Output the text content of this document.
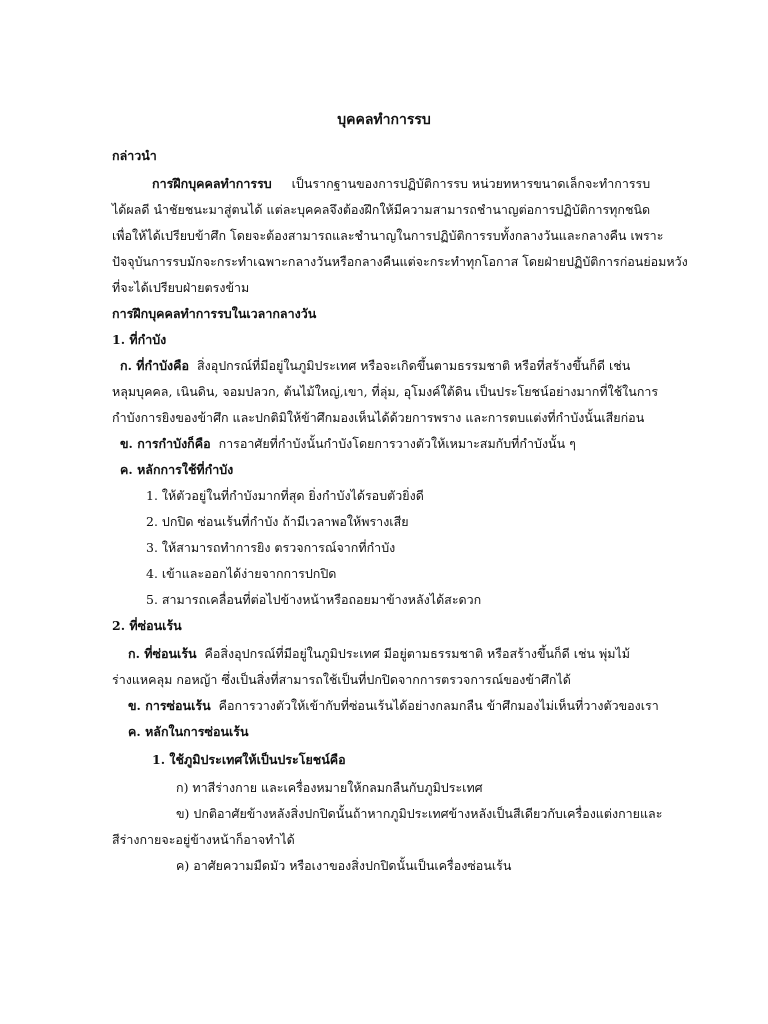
บุคคลทำการรบ
กล่าวนำ
การฝึกบุคคลทำการรบ เป็นรากฐานของการปฏิบัติการรบ หน่วยทหารขนาดเล็กจะทำการรบ
ได้ผลดี นำชัยชนะมาสู่ตนได้ แต่ละบุคคลจึงต้องฝึกให้มีความสามารถชำนาญต่อการปฏิบัติการทุกชนิด
เพื่อให้ได้เปรียบข้าศึก โดยจะต้องสามารถและชำนาญในการปฏิบัติการรบทั้งกลางวันและกลางคืน เพราะ
ปัจจุบันการรบมักจะกระทำเฉพาะกลางวันหรือกลางคืนแต่จะกระทำทุกโอกาส โดยฝ่ายปฏิบัติการก่อนย่อมหวัง
ที่จะได้เปรียบฝ่ายตรงข้าม
การฝึกบุคคลทำการรบในเวลากลางวัน
1. ที่กำบัง
ก. ที่กำบังคือ สิ่งอุปกรณ์ที่มีอยู่ในภูมิประเทศ หรือจะเกิดขึ้นตามธรรมชาติ หรือที่สร้างขึ้นก็ดี เช่น
หลุมบุคคล, เนินดิน, จอมปลวก, ต้นไม้ใหญ่,เขา, ที่ลุ่ม, อุโมงค์ใต้ดิน เป็นประโยชน์อย่างมากที่ใช้ในการ
กำบังการยิงของข้าศึก และปกติมิให้ข้าศึกมองเห็นได้ด้วยการพราง และการตบแต่งที่กำบังนั้นเสียก่อน
ข. การกำบังก็คือ การอาศัยที่กำบังนั้นกำบังโดยการวางตัวให้เหมาะสมกับที่กำบังนั้น ๆ
ค. หลักการใช้ที่กำบัง
1. ให้ตัวอยู่ในที่กำบังมากที่สุด ยิ่งกำบังได้รอบตัวยิ่งดี
2. ปกปิด ซ่อนเร้นที่กำบัง ถ้ามีเวลาพอให้พรางเสีย
3. ให้สามารถทำการยิง ตรวจการณ์จากที่กำบัง
4. เข้าและออกได้ง่ายจากการปกปิด
5. สามารถเคลื่อนที่ต่อไปข้างหน้าหรือถอยมาข้างหลังได้สะดวก
2. ที่ซ่อนเร้น
ก. ที่ซ่อนเร้น คือสิ่งอุปกรณ์ที่มีอยู่ในภูมิประเทศ มีอยู่ตามธรรมชาติ หรือสร้างขึ้นก็ดี เช่น พุ่มไม้
ร่างแหคลุม กอหญ้า ซึ่งเป็นสิ่งที่สามารถใช้เป็นที่ปกปิดจากการตรวจการณ์ของข้าศึกได้
ข. การซ่อนเร้น คือการวางตัวให้เข้ากับที่ซ่อนเร้นได้อย่างกลมกลืน ข้าศึกมองไม่เห็นที่วางตัวของเรา
ค. หลักในการซ่อนเร้น
1. ใช้ภูมิประเทศให้เป็นประโยชน์คือ
ก) ทาสีร่างกาย และเครื่องหมายให้กลมกลืนกับภูมิประเทศ
ข) ปกติอาศัยข้างหลังสิ่งปกปิดนั้นถ้าหากภูมิประเทศข้างหลังเป็นสีเดียวกับเครื่องแต่งกายและ
สีร่างกายจะอยู่ข้างหน้าก็อาจทำได้
ค) อาศัยความมืดมัว หรือเงาของสิ่งปกปิดนั้นเป็นเครื่องซ่อนเร้น
